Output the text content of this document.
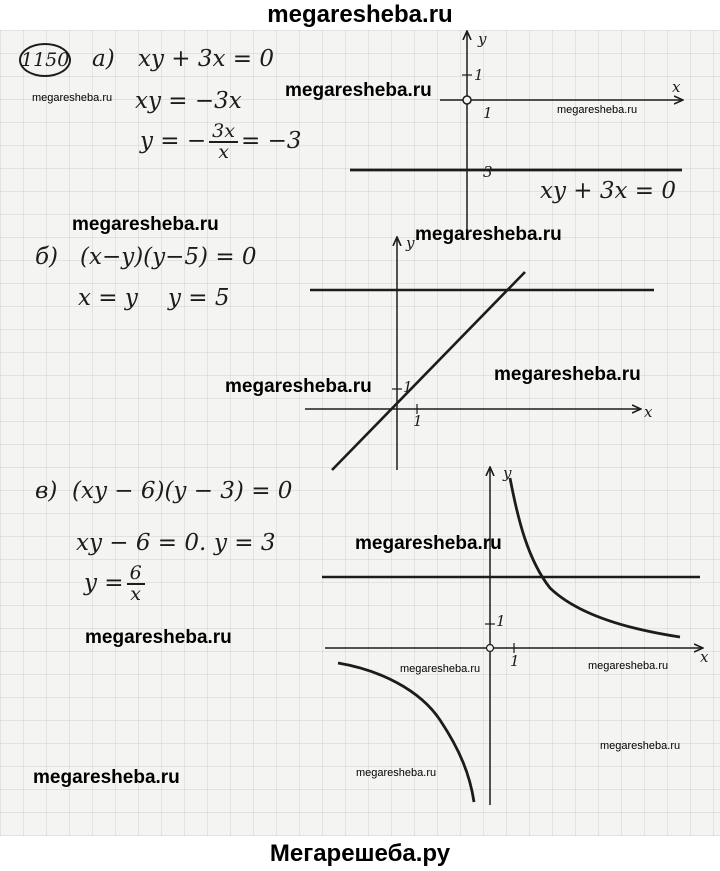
megaresheba.ru
1150 а) xy + 3x = 0
xy = −3x
y = − $\frac{3x}{x} = -3$
xy + 3x = 0
y
x
1
1
3
б) (x−y)(y−5) = 0
x = y y = 5
y
x
1
1
в) (xy − 6)(y − 3) = 0
xy − 6 = 0. y = 3
$y = \frac{6}{x}$
y
x
1
1
megaresheba.ru	megaresheba.ru
megaresheba.ru
megaresheba.ru	megaresheba.ru
megaresheba.ru
megaresheba.ru
megaresheba.ru
megaresheba.ru
megaresheba.ru	megaresheba.ru
megaresheba.ru
megaresheba.ru	megaresheba.ru
Мегарешеба.ру
